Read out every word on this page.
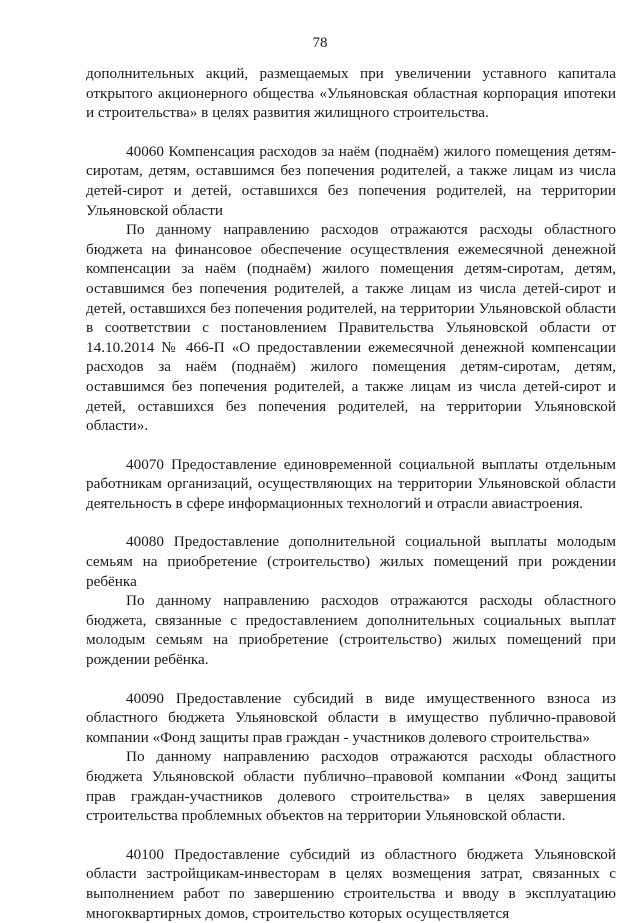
78

дополнительных акций, размещаемых при увеличении уставного капитала открытого акционерного общества «Ульяновская областная корпорация ипотеки и строительства» в целях развития жилищного строительства.

40060 Компенсация расходов за наём (поднаём) жилого помещения детям-сиротам, детям, оставшимся без попечения родителей, а также лицам из числа детей-сирот и детей, оставшихся без попечения родителей, на территории Ульяновской области

По данному направлению расходов отражаются расходы областного бюджета на финансовое обеспечение осуществления ежемесячной денежной компенсации за наём (поднаём) жилого помещения детям-сиротам, детям, оставшимся без попечения родителей, а также лицам из числа детей-сирот и детей, оставшихся без попечения родителей, на территории Ульяновской области в соответствии с постановлением Правительства Ульяновской области от 14.10.2014 № 466-П «О предоставлении ежемесячной денежной компенсации расходов за наём (поднаём) жилого помещения детям-сиротам, детям, оставшимся без попечения родителей, а также лицам из числа детей-сирот и детей, оставшихся без попечения родителей, на территории Ульяновской области».

40070 Предоставление единовременной социальной выплаты отдельным работникам организаций, осуществляющих на территории Ульяновской области деятельность в сфере информационных технологий и отрасли авиастроения.

40080 Предоставление дополнительной социальной выплаты молодым семьям на приобретение (строительство) жилых помещений при рождении ребёнка

По данному направлению расходов отражаются расходы областного бюджета, связанные с предоставлением дополнительных социальных выплат молодым семьям на приобретение (строительство) жилых помещений при рождении ребёнка.

40090 Предоставление субсидий в виде имущественного взноса из областного бюджета Ульяновской области в имущество публично-правовой компании «Фонд защиты прав граждан - участников долевого строительства»

По данному направлению расходов отражаются расходы областного бюджета Ульяновской области публично–правовой компании «Фонд защиты прав граждан-участников долевого строительства» в целях завершения строительства проблемных объектов на территории Ульяновской области.

40100 Предоставление субсидий из областного бюджета Ульяновской области застройщикам-инвесторам в целях возмещения затрат, связанных с выполнением работ по завершению строительства и вводу в эксплуатацию многоквартирных домов, строительство которых осуществляется
